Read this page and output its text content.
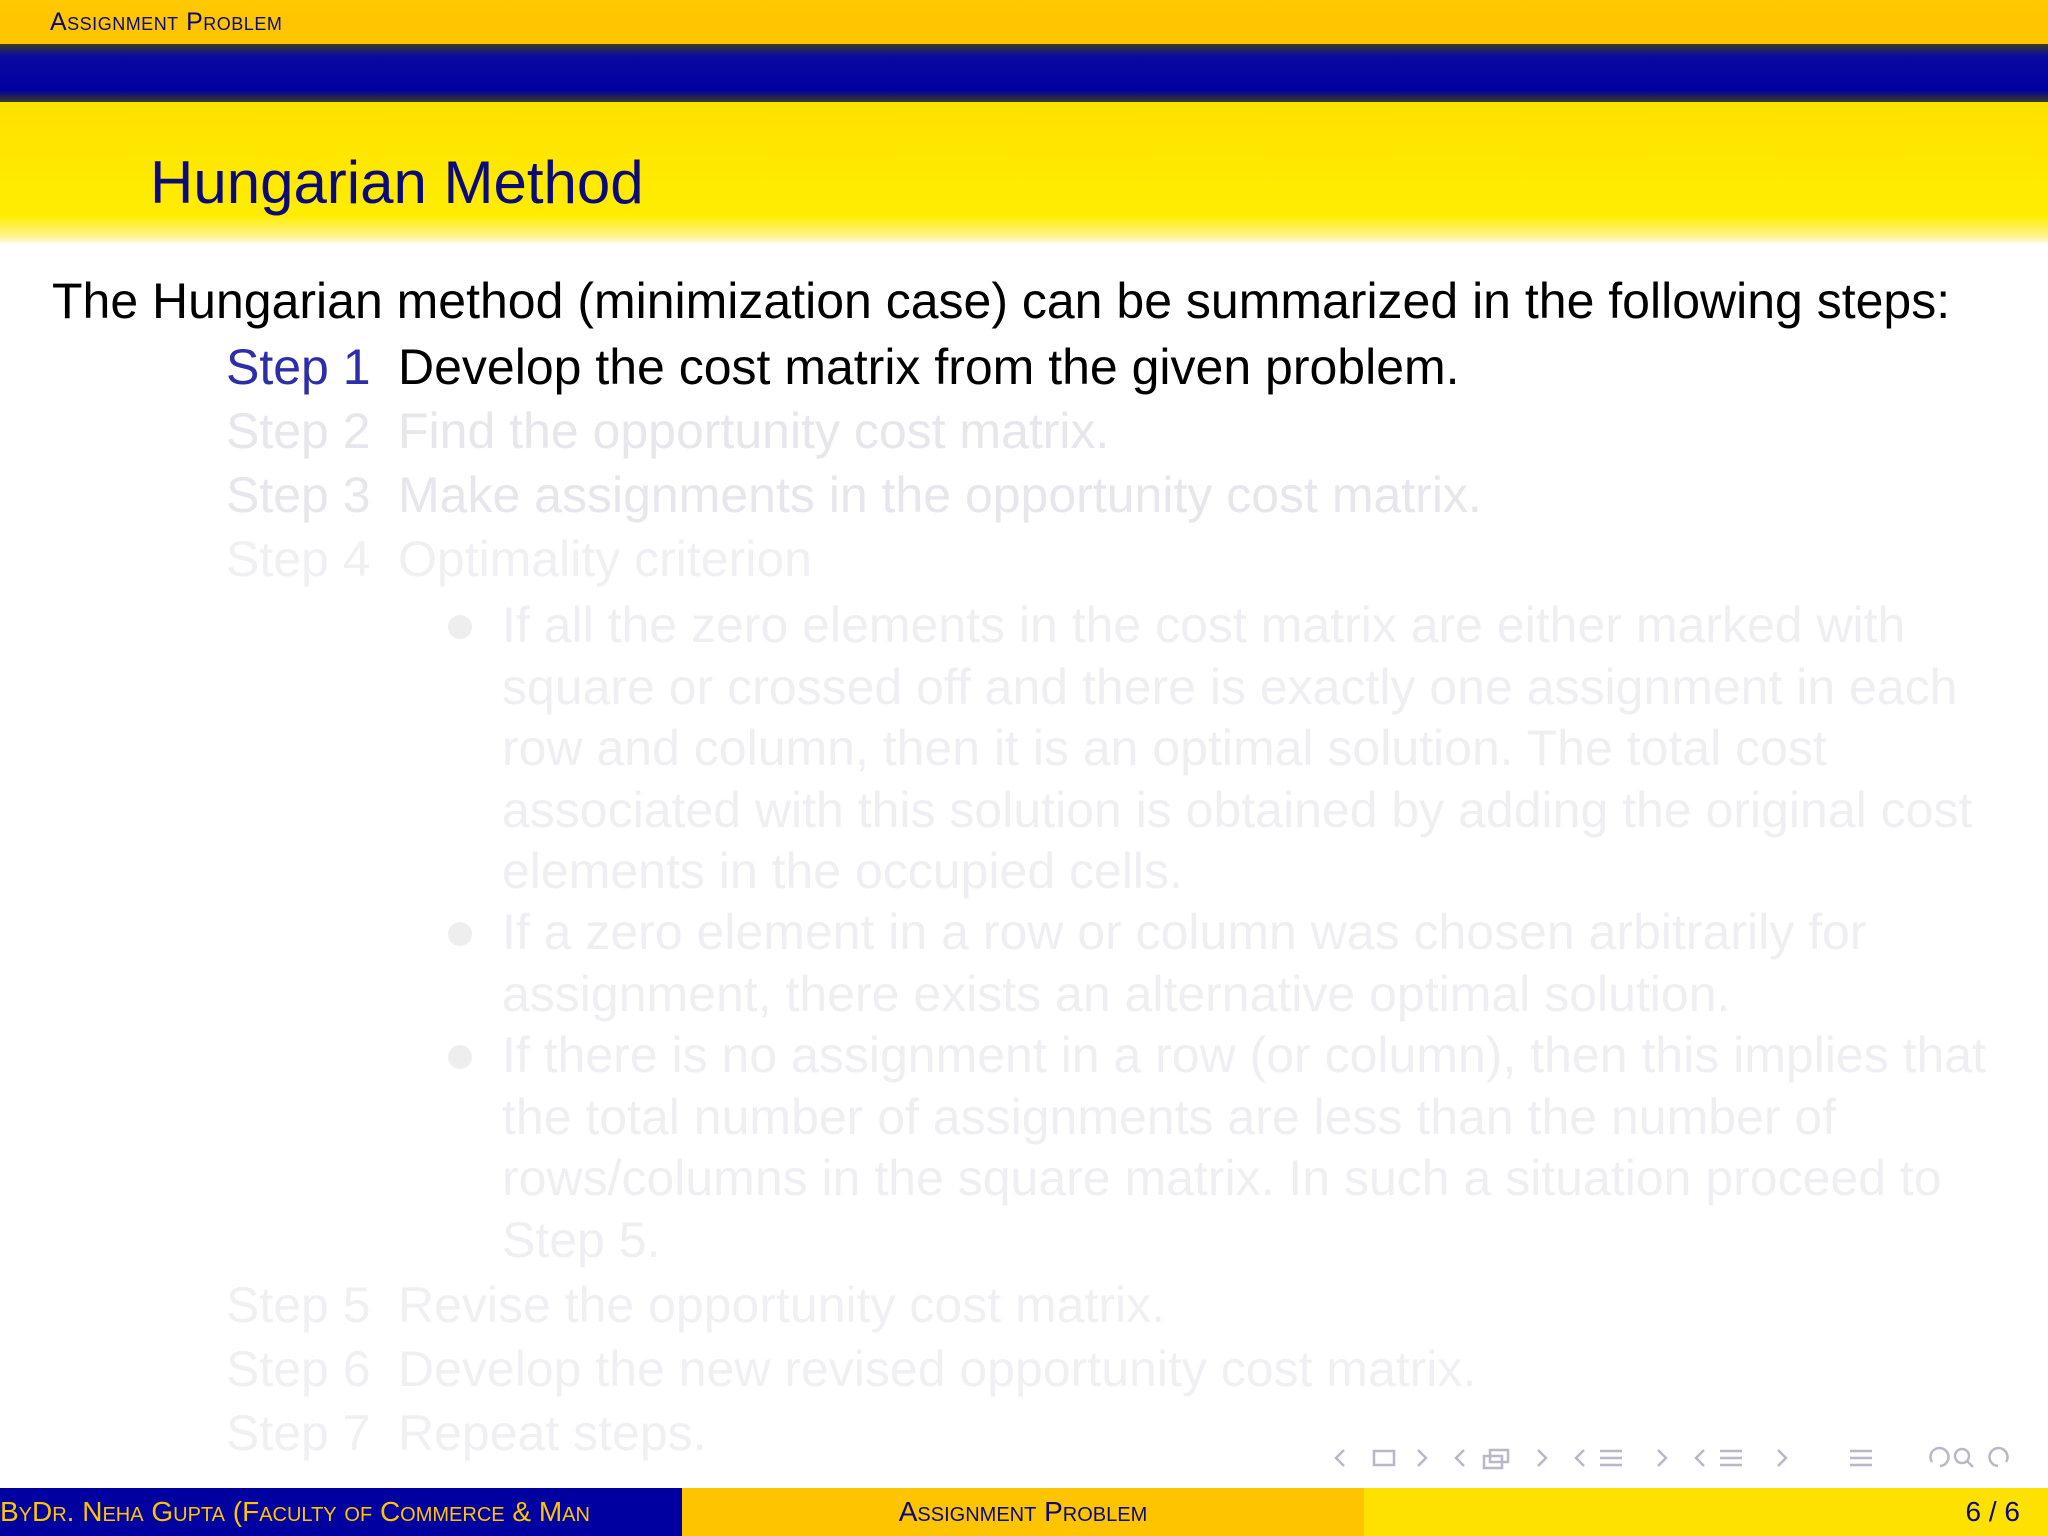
Assignment Problem
Hungarian Method
The Hungarian method (minimization case) can be summarized in the following steps:
Step 1 Develop the cost matrix from the given problem.
Step 2 Find the opportunity cost matrix.
Step 3 Make assignments in the opportunity cost matrix.
Step 4 Optimality criterion
If all the zero elements in the cost matrix are either marked with square or crossed off and there is exactly one assignment in each row and column, then it is an optimal solution. The total cost associated with this solution is obtained by adding the original cost elements in the occupied cells.
If a zero element in a row or column was chosen arbitrarily for assignment, there exists an alternative optimal solution.
If there is no assignment in a row (or column), then this implies that the total number of assignments are less than the number of rows/columns in the square matrix. In such a situation proceed to Step 5.
Step 5 Revise the opportunity cost matrix.
Step 6 Develop the new revised opportunity cost matrix.
Step 7 Repeat steps.
ByDr. Neha Gupta (Faculty of Commerce & Man	Assignment Problem	6 / 6
